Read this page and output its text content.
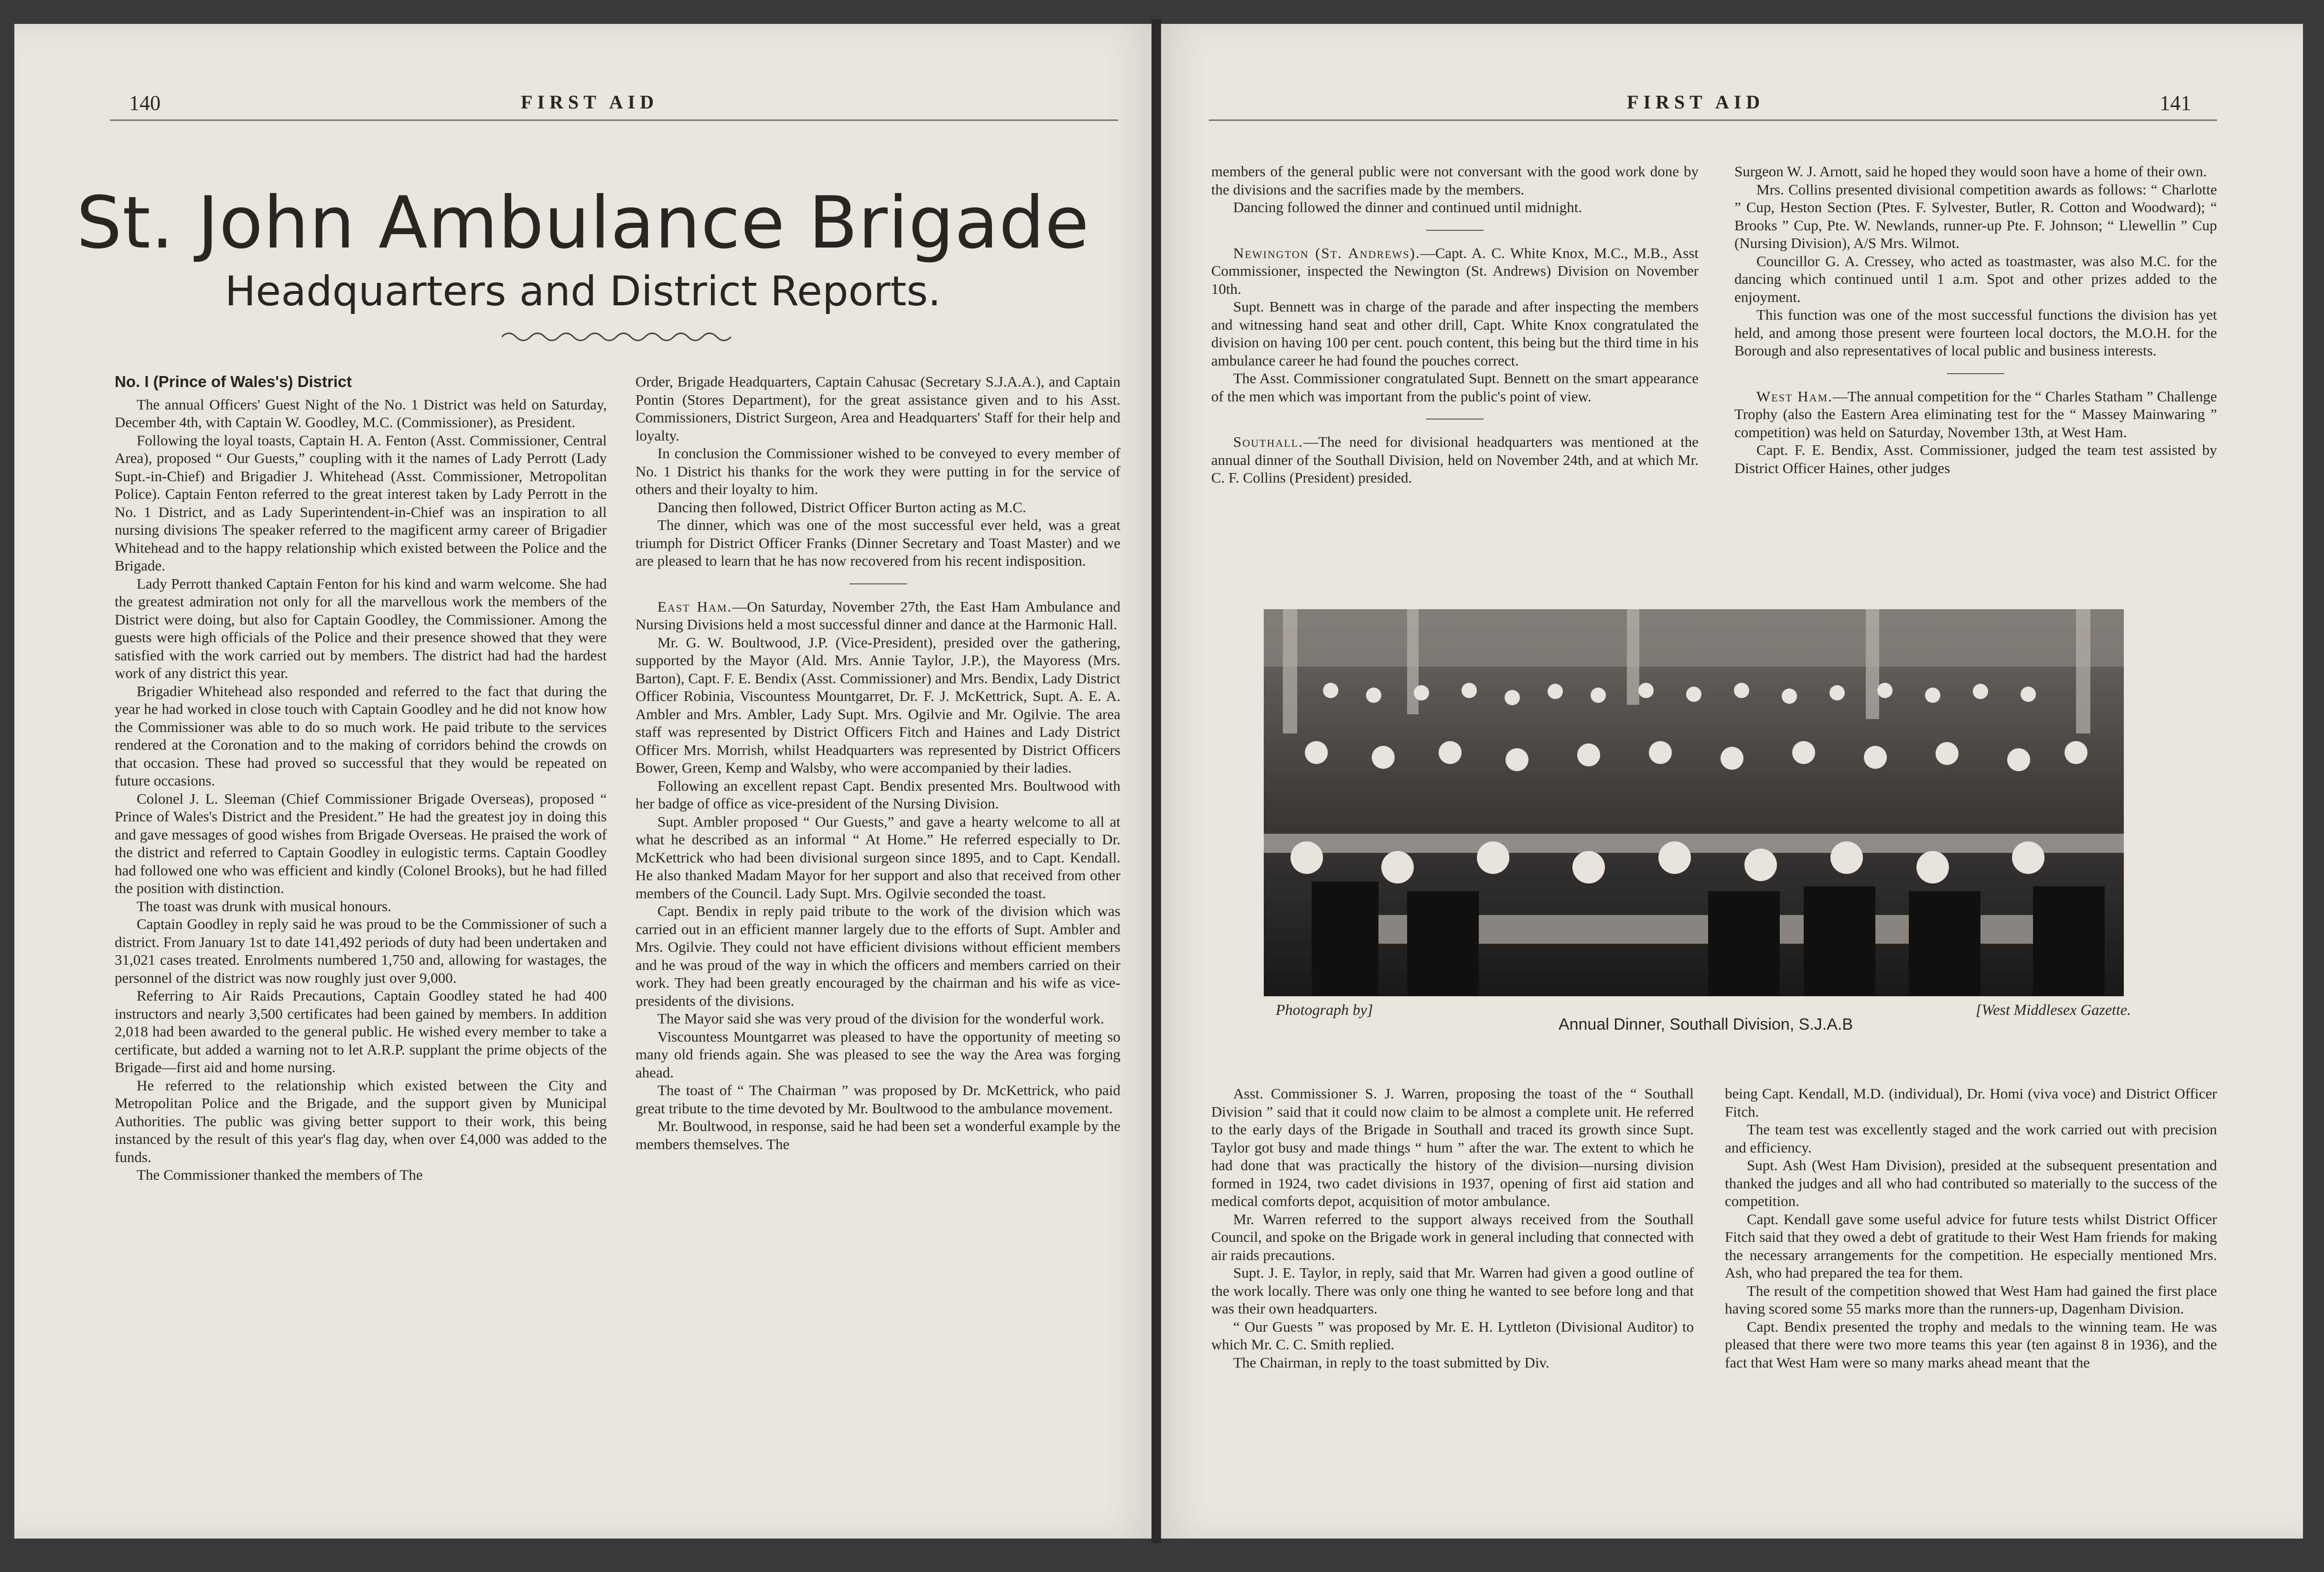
140	FIRST AID
St. John Ambulance Brigade
Headquarters and District Reports.
No. I (Prince of Wales's) District

The annual Officers' Guest Night of the No. 1 District was held on Saturday, December 4th, with Captain W. Goodley, M.C. (Commissioner), as President.

Following the loyal toasts, Captain H. A. Fenton (Asst. Commissioner, Central Area), proposed “ Our Guests,” coupling with it the names of Lady Perrott (Lady Supt.-in-Chief) and Brigadier J. Whitehead (Asst. Commissioner, Metropolitan Police). Captain Fenton referred to the great interest taken by Lady Perrott in the No. 1 District, and as Lady Superintendent-in-Chief was an inspiration to all nursing divisions The speaker referred to the magificent army career of Brigadier Whitehead and to the happy relationship which existed between the Police and the Brigade.

Lady Perrott thanked Captain Fenton for his kind and warm welcome. She had the greatest admiration not only for all the marvellous work the members of the District were doing, but also for Captain Goodley, the Commissioner. Among the guests were high officials of the Police and their presence showed that they were satisfied with the work carried out by members. The district had had the hardest work of any district this year.

Brigadier Whitehead also responded and referred to the fact that during the year he had worked in close touch with Captain Goodley and he did not know how the Commissioner was able to do so much work. He paid tribute to the services rendered at the Coronation and to the making of corridors behind the crowds on that occasion. These had proved so successful that they would be repeated on future occasions.

Colonel J. L. Sleeman (Chief Commissioner Brigade Overseas), proposed “ Prince of Wales's District and the President.” He had the greatest joy in doing this and gave messages of good wishes from Brigade Overseas. He praised the work of the district and referred to Captain Goodley in eulogistic terms. Captain Goodley had followed one who was efficient and kindly (Colonel Brooks), but he had filled the position with distinction.

The toast was drunk with musical honours.

Captain Goodley in reply said he was proud to be the Commissioner of such a district. From January 1st to date 141,492 periods of duty had been undertaken and 31,021 cases treated. Enrolments numbered 1,750 and, allowing for wastages, the personnel of the district was now roughly just over 9,000.

Referring to Air Raids Precautions, Captain Goodley stated he had 400 instructors and nearly 3,500 certificates had been gained by members. In addition 2,018 had been awarded to the general public. He wished every member to take a certificate, but added a warning not to let A.R.P. supplant the prime objects of the Brigade—first aid and home nursing.

He referred to the relationship which existed between the City and Metropolitan Police and the Brigade, and the support given by Municipal Authorities. The public was giving better support to their work, this being instanced by the result of this year's flag day, when over £4,000 was added to the funds.

The Commissioner thanked the members of The

Order, Brigade Headquarters, Captain Cahusac (Secretary S.J.A.A.), and Captain Pontin (Stores Department), for the great assistance given and to his Asst. Commissioners, District Surgeon, Area and Headquarters' Staff for their help and loyalty.

In conclusion the Commissioner wished to be conveyed to every member of No. 1 District his thanks for the work they were putting in for the service of others and their loyalty to him.

Dancing then followed, District Officer Burton acting as M.C.

The dinner, which was one of the most successful ever held, was a great triumph for District Officer Franks (Dinner Secretary and Toast Master) and we are pleased to learn that he has now recovered from his recent indisposition.

East Ham.—On Saturday, November 27th, the East Ham Ambulance and Nursing Divisions held a most successful dinner and dance at the Harmonic Hall.

Mr. G. W. Boultwood, J.P. (Vice-President), presided over the gathering, supported by the Mayor (Ald. Mrs. Annie Taylor, J.P.), the Mayoress (Mrs. Barton), Capt. F. E. Bendix (Asst. Commissioner) and Mrs. Bendix, Lady District Officer Robinia, Viscountess Mountgarret, Dr. F. J. McKettrick, Supt. A. E. A. Ambler and Mrs. Ambler, Lady Supt. Mrs. Ogilvie and Mr. Ogilvie. The area staff was represented by District Officers Fitch and Haines and Lady District Officer Mrs. Morrish, whilst Headquarters was represented by District Officers Bower, Green, Kemp and Walsby, who were accompanied by their ladies.

Following an excellent repast Capt. Bendix presented Mrs. Boultwood with her badge of office as vice-president of the Nursing Division.

Supt. Ambler proposed “ Our Guests,” and gave a hearty welcome to all at what he described as an informal “ At Home.” He referred especially to Dr. McKettrick who had been divisional surgeon since 1895, and to Capt. Kendall. He also thanked Madam Mayor for her support and also that received from other members of the Council. Lady Supt. Mrs. Ogilvie seconded the toast.

Capt. Bendix in reply paid tribute to the work of the division which was carried out in an efficient manner largely due to the efforts of Supt. Ambler and Mrs. Ogilvie. They could not have efficient divisions without efficient members and he was proud of the way in which the officers and members carried on their work. They had been greatly encouraged by the chairman and his wife as vice-presidents of the divisions.

The Mayor said she was very proud of the division for the wonderful work.

Viscountess Mountgarret was pleased to have the opportunity of meeting so many old friends again. She was pleased to see the way the Area was forging ahead.

The toast of “ The Chairman ” was proposed by Dr. McKettrick, who paid great tribute to the time devoted by Mr. Boultwood to the ambulance movement.

Mr. Boultwood, in response, said he had been set a wonderful example by the members themselves. The

FIRST AID	141

members of the general public were not conversant with the good work done by the divisions and the sacrifies made by the members.

Dancing followed the dinner and continued until midnight.

Newington (St. Andrews).—Capt. A. C. White Knox, M.C., M.B., Asst Commissioner, inspected the Newington (St. Andrews) Division on November 10th.

Supt. Bennett was in charge of the parade and after inspecting the members and witnessing hand seat and other drill, Capt. White Knox congratulated the division on having 100 per cent. pouch content, this being but the third time in his ambulance career he had found the pouches correct.

The Asst. Commissioner congratulated Supt. Bennett on the smart appearance of the men which was important from the public's point of view.

Southall.—The need for divisional headquarters was mentioned at the annual dinner of the Southall Division, held on November 24th, and at which Mr. C. F. Collins (President) presided.

Surgeon W. J. Arnott, said he hoped they would soon have a home of their own.

Mrs. Collins presented divisional competition awards as follows: “ Charlotte ” Cup, Heston Section (Ptes. F. Sylvester, Butler, R. Cotton and Woodward); “ Brooks ” Cup, Pte. W. Newlands, runner-up Pte. F. Johnson; “ Llewellin ” Cup (Nursing Division), A/S Mrs. Wilmot.

Councillor G. A. Cressey, who acted as toastmaster, was also M.C. for the dancing which continued until 1 a.m. Spot and other prizes added to the enjoyment.

This function was one of the most successful functions the division has yet held, and among those present were fourteen local doctors, the M.O.H. for the Borough and also representatives of local public and business interests.

West Ham.—The annual competition for the “ Charles Statham ” Challenge Trophy (also the Eastern Area eliminating test for the “ Massey Mainwaring ” competition) was held on Saturday, November 13th, at West Ham.

Capt. F. E. Bendix, Asst. Commissioner, judged the team test assisted by District Officer Haines, other judges

Asst. Commissioner S. J. Warren, proposing the toast of the “ Southall Division ” said that it could now claim to be almost a complete unit. He referred to the early days of the Brigade in Southall and traced its growth since Supt. Taylor got busy and made things “ hum ” after the war. The extent to which he had done that was practically the history of the division—nursing division formed in 1924, two cadet divisions in 1937, opening of first aid station and medical comforts depot, acquisition of motor ambulance.

Mr. Warren referred to the support always received from the Southall Council, and spoke on the Brigade work in general including that connected with air raids precautions.

Supt. J. E. Taylor, in reply, said that Mr. Warren had given a good outline of the work locally. There was only one thing he wanted to see before long and that was their own headquarters.

“ Our Guests ” was proposed by Mr. E. H. Lyttleton (Divisional Auditor) to which Mr. C. C. Smith replied.

The Chairman, in reply to the toast submitted by Div.

being Capt. Kendall, M.D. (individual), Dr. Homi (viva voce) and District Officer Fitch.

The team test was excellently staged and the work carried out with precision and efficiency.

Supt. Ash (West Ham Division), presided at the subsequent presentation and thanked the judges and all who had contributed so materially to the success of the competition.

Capt. Kendall gave some useful advice for future tests whilst District Officer Fitch said that they owed a debt of gratitude to their West Ham friends for making the necessary arrangements for the competition. He especially mentioned Mrs. Ash, who had prepared the tea for them.

The result of the competition showed that West Ham had gained the first place having scored some 55 marks more than the runners-up, Dagenham Division.

Capt. Bendix presented the trophy and medals to the winning team. He was pleased that there were two more teams this year (ten against 8 in 1936), and the fact that West Ham were so many marks ahead meant that the

Photograph by]
Annual Dinner, Southall Division, S.J.A.B
[West Middlesex Gazette.
